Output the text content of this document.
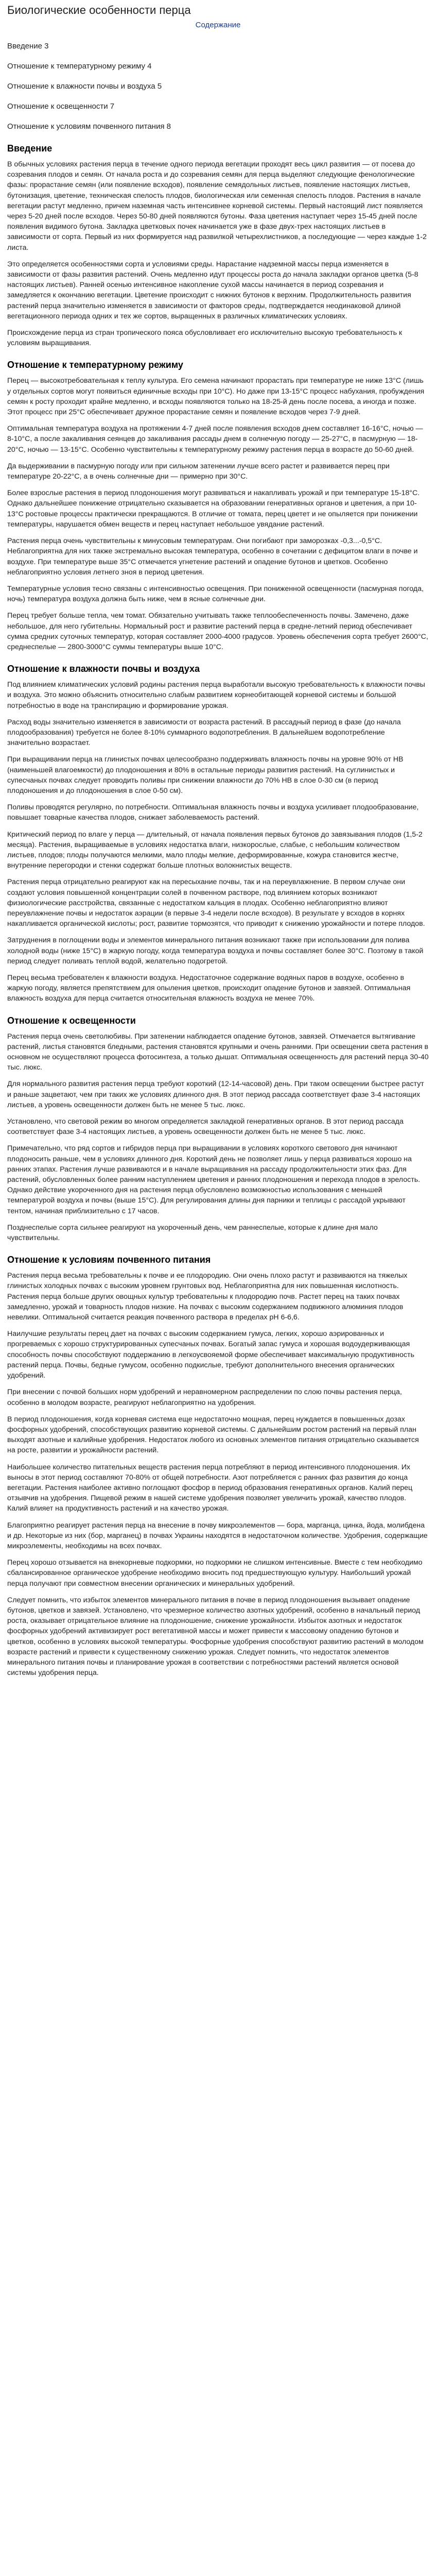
Биологические особенности перца
Содержание
Введение 3
Отношение к температурному режиму 4
Отношение к влажности почвы и воздуха 5
Отношение к освещенности 7
Отношение к условиям почвенного питания 8
Введение

В обычных условиях растения перца в течение одного периода вегетации проходят весь цикл развития — от посева до созревания плодов и семян. От начала роста и до созревания семян для перца выделяют следующие фенологические фазы: прорастание семян (или появление всходов), появление семядольных листьев, появление настоящих листьев, бутонизация, цветение, техническая спелость плодов, биологическая или семенная спелость плодов. Растения в начале вегетации растут медленно, причем наземная часть интенсивнее корневой системы. Первый настоящий лист появляется через 5-20 дней после всходов. Через 50-80 дней появляются бутоны. Фаза цветения наступает через 15-45 дней после появления видимого бутона. Закладка цветковых почек начинается уже в фазе двух-трех настоящих листьев в зависимости от сорта. Первый из них формируется над развилкой четырехлистников, а последующие — через каждые 1-2 листа.

Это определяется особенностями сорта и условиями среды. Нарастание надземной массы перца изменяется в зависимости от фазы развития растений. Очень медленно идут процессы роста до начала закладки органов цветка (5-8 настоящих листьев). Ранней осенью интенсивное накопление сухой массы начинается в период созревания и замедляется к окончанию вегетации. Цветение происходит с нижних бутонов к верхним. Продолжительность развития растений перца значительно изменяется в зависимости от факторов среды, подтверждается неодинаковой длиной вегетационного периода одних и тех же сортов, выращенных в различных климатических условиях.

Происхождение перца из стран тропического пояса обусловливает его исключительно высокую требовательность к условиям выращивания.

Отношение к температурному режиму

Перец — высокотребовательная к теплу культура. Его семена начинают прорастать при температуре не ниже 13°С (лишь у отдельных сортов могут появиться единичные всходы при 10°С). Но даже при 13-15°С процесс набухания, пробуждения семян к росту проходит крайне медленно, и всходы появляются только на 18-25-й день после посева, а иногда и позже. Этот процесс при 25°С обеспечивает дружное прорастание семян и появление всходов через 7-9 дней.

Оптимальная температура воздуха на протяжении 4-7 дней после появления всходов днем составляет 16-16°С, ночью — 8-10°С, а после закаливания сеянцев до закаливания рассады днем в солнечную погоду — 25-27°С, в пасмурную — 18-20°С, ночью — 13-15°С. Особенно чувствительны к температурному режиму растения перца в возрасте до 50-60 дней.

Да выдерживании в пасмурную погоду или при сильном затенении лучше всего растет и развивается перец при температуре 20-22°С, а в очень солнечные дни — примерно при 30°С.

Более взрослые растения в период плодоношения могут развиваться и накапливать урожай и при температуре 15-18°С. Однако дальнейшее понижение отрицательно сказывается на образовании генеративных органов и цветения, а при 10-13°С ростовые процессы практически прекращаются. В отличие от томата, перец цветет и не опыляется при понижении температуры, нарушается обмен веществ и перец наступает небольшое увядание растений.

Растения перца очень чувствительны к минусовым температурам. Они погибают при заморозках -0,3...-0,5°С. Неблагоприятна для них также экстремально высокая температура, особенно в сочетании с дефицитом влаги в почве и воздухе. При температуре выше 35°С отмечается угнетение растений и опадение бутонов и цветков. Особенно неблагоприятно условия летнего зноя в период цветения.

Температурные условия тесно связаны с интенсивностью освещения. При пониженной освещенности (пасмурная погода, ночь) температура воздуха должна быть ниже, чем в ясные солнечные дни.

Перец требует больше тепла, чем томат. Обязательно учитывать также теплообеспеченность почвы. Замечено, даже небольшое, для него губительны. Нормальный рост и развитие растений перца в средне-летний период обеспечивает сумма средних суточных температур, которая составляет 2000-4000 градусов. Уровень обеспечения сорта требует 2600°С, среднеспелые — 2800-3000°С суммы температуры выше 10°С.

Отношение к влажности почвы и воздуха

Под влиянием климатических условий родины растения перца выработали высокую требовательность к влажности почвы и воздуха. Это можно объяснить относительно слабым развитием корнеобитающей корневой системы и большой потребностью в воде на транспирацию и формирование урожая.

Расход воды значительно изменяется в зависимости от возраста растений. В рассадный период в фазе (до начала плодообразования) требуется не более 8-10% суммарного водопотребления. В дальнейшем водопотребление значительно возрастает.

При выращивании перца на глинистых почвах целесообразно поддерживать влажность почвы на уровне 90% от НВ (наименьшей влагоемкости) до плодоношения и 80% в остальные периоды развития растений. На суглинистых и супесчаных почвах следует проводить поливы при снижении влажности до 70% НВ в слое 0-30 см (в период плодоношения и до плодоношения в слое 0-50 см).

Поливы проводятся регулярно, по потребности. Оптимальная влажность почвы и воздуха усиливает плодообразование, повышает товарные качества плодов, снижает заболеваемость растений.

Критический период по влаге у перца — длительный, от начала появления первых бутонов до завязывания плодов (1,5-2 месяца). Растения, выращиваемые в условиях недостатка влаги, низкорослые, слабые, с небольшим количеством листьев, плодов; плоды получаются мелкими, мало плоды мелкие, деформированные, кожура становится жестче, внутренние перегородки и стенки содержат больше плотных волокнистых веществ.

Растения перца отрицательно реагируют как на пересыхание почвы, так и на переувлажнение. В первом случае они создают условия повышенной концентрации солей в почвенном растворе, под влиянием которых возникают физиологические расстройства, связанные с недостатком кальция в плодах. Особенно неблагоприятно влияют переувлажнение почвы и недостаток аэрации (в первые 3-4 недели после всходов). В результате у всходов в корнях накапливается органической кислоты; рост, развитие тормозятся, что приводит к снижению урожайности и потере плодов.

Затруднения в поглощении воды и элементов минерального питания возникают также при использовании для полива холодной воды (ниже 15°С) в жаркую погоду, когда температура воздуха и почвы составляет более 30°С. Поэтому в такой период следует поливать теплой водой, желательно подогретой.

Перец весьма требователен к влажности воздуха. Недостаточное содержание водяных паров в воздухе, особенно в жаркую погоду, является препятствием для опыления цветков, происходит опадение бутонов и завязей. Оптимальная влажность воздуха для перца считается относительная влажность воздуха не менее 70%.

Отношение к освещенности

Растения перца очень светолюбивы. При затенении наблюдается опадение бутонов, завязей. Отмечается вытягивание растений, листья становятся бледными, растения становятся крупными и очень ранними. При освещении света растения в основном не осуществляют процесса фотосинтеза, а только дышат. Оптимальная освещенность для растений перца 30-40 тыс. люкс.

Для нормального развития растения перца требуют короткий (12-14-часовой) день. При таком освещении быстрее растут и раньше зацветают, чем при таких же условиях длинного дня. В этот период рассада соответствует фазе 3-4 настоящих листьев, а уровень освещенности должен быть не менее 5 тыс. люкс.

Установлено, что световой режим во многом определяется закладкой генеративных органов. В этот период рассада соответствует фазе 3-4 настоящих листьев, а уровень освещенности должен быть не менее 5 тыс. люкс.

Примечательно, что ряд сортов и гибридов перца при выращивании в условиях короткого светового дня начинают плодоносить раньше, чем в условиях длинного дня. Короткий день не позволяет лишь у перца развиваться хорошо на ранних этапах. Растения лучше развиваются и в начале выращивания на рассаду продолжительности этих фаз. Для растений, обусловленных более ранним наступлением цветения и ранних плодоношения и перехода плодов в зрелость. Однако действие укороченного дня на растения перца обусловлено возможностью использования с меньшей температурой воздуха и почвы (выше 15°С). Для регулирования длины дня парники и теплицы с рассадой укрывают тентом, начиная приблизительно с 17 часов.

Позднеспелые сорта сильнее реагируют на укороченный день, чем раннеспелые, которые к длине дня мало чувствительны.

Отношение к условиям почвенного питания

Растения перца весьма требовательны к почве и ее плодородию. Они очень плохо растут и развиваются на тяжелых глинистых холодных почвах с высоким уровнем грунтовых вод. Неблагоприятна для них повышенная кислотность. Растения перца больше других овощных культур требовательны к плодородию почв. Растет перец на таких почвах замедленно, урожай и товарность плодов низкие. На почвах с высоким содержанием подвижного алюминия плодов невелики. Оптимальной считается реакция почвенного раствора в пределах pH 6-6,6.

Наилучшие результаты перец дает на почвах с высоким содержанием гумуса, легких, хорошо аэрированных и прогреваемых с хорошо структурированных супесчаных почвах. Богатый запас гумуса и хорошая водоудерживающая способность почвы способствуют поддержанию в легкоусвояемой форме обеспечивает максимальную продуктивность растений перца. Почвы, бедные гумусом, особенно подкислые, требуют дополнительного внесения органических удобрений.

При внесении с почвой больших норм удобрений и неравномерном распределении по слою почвы растения перца, особенно в молодом возрасте, реагируют неблагоприятно на удобрения.

В период плодоношения, когда корневая система еще недостаточно мощная, перец нуждается в повышенных дозах фосфорных удобрений, способствующих развитию корневой системы. С дальнейшим ростом растений на первый план выходят азотные и калийные удобрения. Недостаток любого из основных элементов питания отрицательно сказывается на росте, развитии и урожайности растений.

Наибольшее количество питательных веществ растения перца потребляют в период интенсивного плодоношения. Их выносы в этот период составляют 70-80% от общей потребности. Азот потребляется с ранних фаз развития до конца вегетации. Растения наиболее активно поглощают фосфор в период образования генеративных органов. Калий перец отзывчив на удобрения. Пищевой режим в нашей системе удобрения позволяет увеличить урожай, качество плодов. Калий влияет на продуктивность растений и на качество урожая.

Благоприятно реагирует растения перца на внесение в почву микроэлементов — бора, марганца, цинка, йода, молибдена и др. Некоторые из них (бор, марганец) в почвах Украины находятся в недостаточном количестве. Удобрения, содержащие микроэлементы, необходимы на всех почвах.

Перец хорошо отзывается на внекорневые подкормки, но подкормки не слишком интенсивные. Вместе с тем необходимо сбалансированное органическое удобрение необходимо вносить под предшествующую культуру. Наибольший урожай перца получают при совместном внесении органических и минеральных удобрений.

Следует помнить, что избыток элементов минерального питания в почве в период плодоношения вызывает опадение бутонов, цветков и завязей. Установлено, что чрезмерное количество азотных удобрений, особенно в начальный период роста, оказывает отрицательное влияние на плодоношение, снижение урожайности. Избыток азотных и недостаток фосфорных удобрений активизирует рост вегетативной массы и может привести к массовому опадению бутонов и цветков, особенно в условиях высокой температуры. Фосфорные удобрения способствуют развитию растений в молодом возрасте растений и привести к существенному снижению урожая. Следует помнить, что недостаток элементов минерального питания почвы и планирование урожая в соответствии с потребностями растений является основой системы удобрения перца.
